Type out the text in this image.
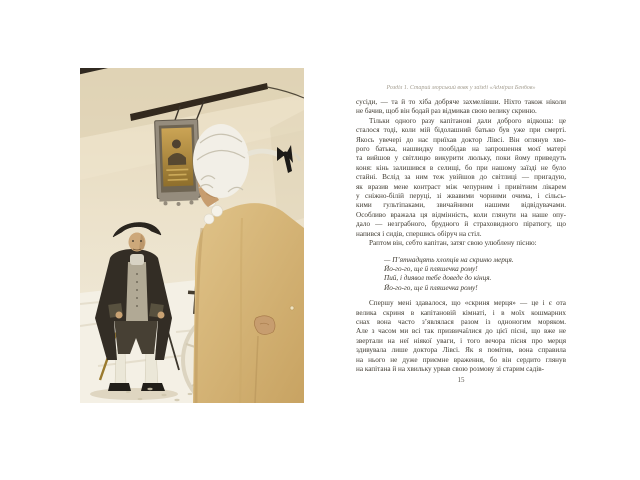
Розділ 1. Старий морський вовк у заїзді «Адмірал Бенбов»
сусіди, — та й то хіба добряче захмелівши. Ніхто також ніколи
не бачив, щоб він бодай раз відмикав свою велику скриню.
Тільки одного разу капітанові дали доброго відкоша: це
сталося тоді, коли мій бідолашний батько був уже при смерті.
Якось увечері до нас приїхав доктор Лівсі. Він оглянув хво-
рого батька, нашвидку пообідав на запрошення моєї матері
та вийшов у світлицю викурити люльку, поки йому приведуть
коня: кінь залишився в селищі, бо при нашому заїзді не було
стайні. Вслід за ним теж увійшов до світлиці — пригадую,
як вразив мене контраст між чепурним і привітним лікарем
у сніжно-білій перуці, зі жвавими чорними очима, і сільсь-
кими гультіпаками, звичайними нашими відвідувачами.
Особливо вражала ця відмінність, коли глянути на наше опу-
дало — незграбного, брудного й страховидного піратюгу, що
напився і сидів, спершись обіруч на стіл.
Раптом він, себто капітан, затяг свою улюблену пісню:
— П’ятнадцять хлопців на скриню мерця.
Йо-го-го, ще й пляшечка рому!
Пий, і диявол тебе доведе до кінця.
Йо-го-го, ще й пляшечка рому!
Спершу мені здавалося, що «скриня мерця» — це і є ота
велика скриня в капітановій кімнаті, і в моїх кошмарних
снах вона часто з’являлася разом із одноногим моряком.
Але з часом ми всі так призвичаїлися до цієї пісні, що вже не
звертали на неї ніякої уваги, і того вечора пісня про мерця
здивувала лише доктора Лівсі. Як я помітив, вона справила
на нього не дуже приємне враження, бо він сердито глянув
на капітана й на хвильку урвав свою розмову зі старим садів-
15
